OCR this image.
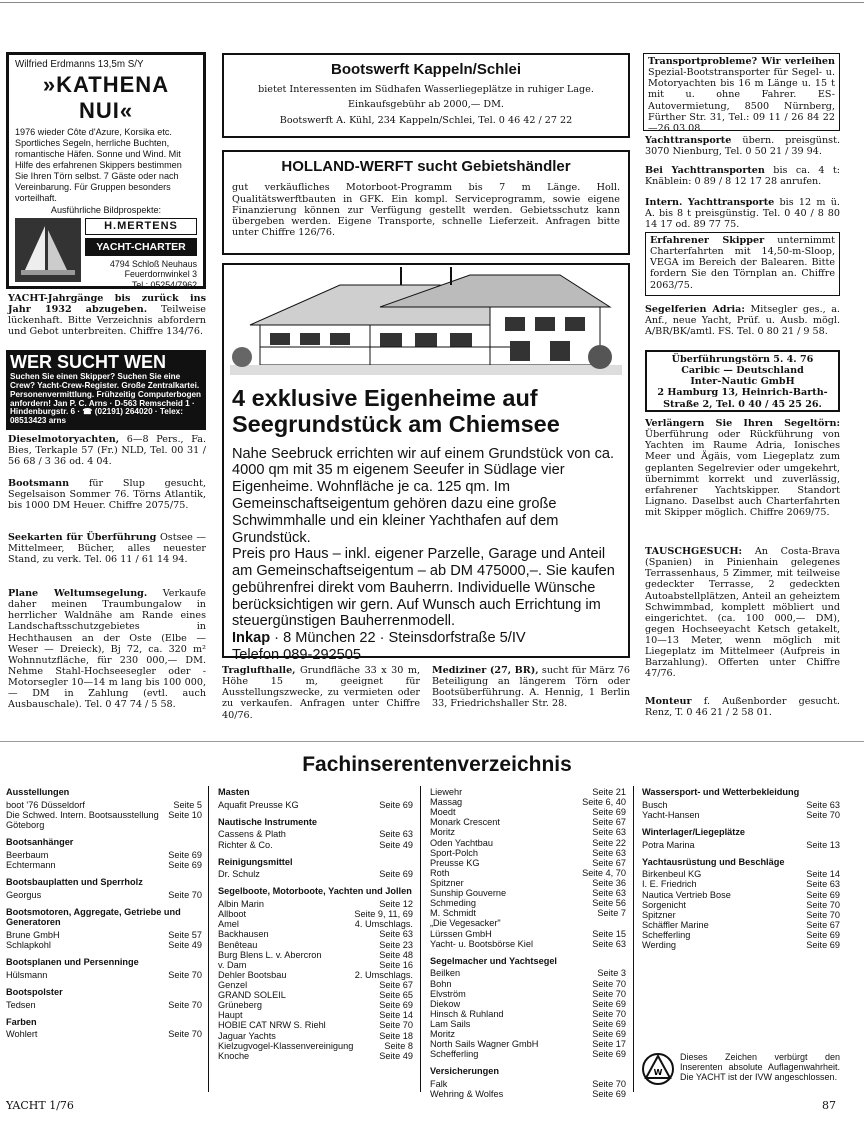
Wilfried Erdmanns 13,5m S/Y
»KATHENA NUI«
1976 wieder Côte d'Azure, Korsika etc. Sportliches Segeln, herrliche Buchten, romantische Häfen. Sonne und Wind. Mit Hilfe des erfahrenen Skippers bestimmen Sie Ihren Törn selbst. 7 Gäste oder nach Vereinbarung. Für Gruppen besonders vorteilhaft.
Ausführliche Bildprospekte:
H.MERTENS
YACHT-CHARTER
4794 Schloß Neuhaus
Feuerdornwinkel 3
Tel.: 05254/7962
YACHT-Jahrgänge bis zurück ins Jahr 1932 abzugeben. Teilweise lückenhaft. Bitte Verzeichnis abfordern und Gebot unterbreiten. Chiffre 134/76.
WER SUCHT WEN
Suchen Sie einen Skipper? Suchen Sie eine Crew? Yacht-Crew-Register. Große Zentralkartei. Personenvermittlung. Frühzeitig Computerbogen anfordern! Jan P. C. Arns · D-563 Remscheid 1 · Hindenburgstr. 6 · ☎ (02191) 264020 · Telex: 08513423 arns
Dieselmotoryachten, 6—8 Pers., Fa. Bies, Terkaple 57 (Fr.) NLD, Tel. 00 31 / 56 68 / 3 36 od. 4 04.
Bootsmann für Slup gesucht, Segelsaison Sommer 76. Törns Atlantik, bis 1000 DM Heuer. Chiffre 2075/75.
Seekarten für Überführung Ostsee — Mittelmeer, Bücher, alles neuester Stand, zu verk. Tel. 06 11 / 61 14 94.
Plane Weltumsegelung. Verkaufe daher meinen Traumbungalow in herrlicher Waldnähe am Rande eines Landschaftsschutzgebietes in Hechthausen an der Oste (Elbe — Weser — Dreieck), Bj 72, ca. 320 m² Wohnnutzfläche, für 230 000,— DM. Nehme Stahl-Hochseesegler oder -Motorsegler 10—14 m lang bis 100 000,— DM in Zahlung (evtl. auch Ausbauschale). Tel. 0 47 74 / 5 58.
Bootswerft Kappeln/Schlei
bietet Interessenten im Südhafen Wasserliegeplätze in ruhiger Lage.
Einkaufsgebühr ab 2000,— DM.
Bootswerft A. Kühl, 234 Kappeln/Schlei, Tel. 0 46 42 / 27 22
HOLLAND-WERFT sucht Gebietshändler
gut verkäufliches Motorboot-Programm bis 7 m Länge. Holl. Qualitätswerftbauten in GFK. Ein kompl. Serviceprogramm, sowie eigene Finanzierung können zur Verfügung gestellt werden. Gebietsschutz kann übergeben werden. Eigene Transporte, schnelle Lieferzeit. Anfragen bitte unter Chiffre 126/76.
4 exklusive Eigenheime auf Seegrundstück am Chiemsee
Nahe Seebruck errichten wir auf einem Grundstück von ca. 4000 qm mit 35 m eigenem Seeufer in Südlage vier Eigenheime. Wohnfläche je ca. 125 qm. Im Gemeinschaftseigentum gehören dazu eine große Schwimmhalle und ein kleiner Yachthafen auf dem Grundstück.
Preis pro Haus – inkl. eigener Parzelle, Garage und Anteil am Gemeinschaftseigentum – ab DM 475000,–. Sie kaufen gebührenfrei direkt vom Bauherrn. Individuelle Wünsche berücksichtigen wir gern. Auf Wunsch auch Errichtung im steuergünstigen Bauherrenmodell.
Inkap · 8 München 22 · Steinsdorfstraße 5/IV
Telefon 089-292505
Traglufthalle, Grundfläche 33 x 30 m, Höhe 15 m, geeignet für Ausstellungszwecke, zu vermieten oder zu verkaufen. Anfragen unter Chiffre 40/76.
Mediziner (27, BR), sucht für März 76 Beteiligung an längerem Törn oder Bootsüberführung. A. Hennig, 1 Berlin 33, Friedrichshaller Str. 28.
Transportprobleme? Wir verleihen Spezial-Bootstransporter für Segel- u. Motoryachten bis 16 m Länge u. 15 t mit u. ohne Fahrer. ES-Autovermietung, 8500 Nürnberg, Fürther Str. 31, Tel.: 09 11 / 26 84 22—26 03 08.
Yachttransporte übern. preisgünst. 3070 Nienburg, Tel. 0 50 21 / 39 94.
Bei Yachttransporten bis ca. 4 t: Knäblein: 0 89 / 8 12 17 28 anrufen.
Intern. Yachttransporte bis 12 m ü. A. bis 8 t preisgünstig. Tel. 0 40 / 8 80 14 17 od. 89 77 75.
Erfahrener Skipper unternimmt Charterfahrten mit 14,50-m-Sloop, VEGA im Bereich der Balearen. Bitte fordern Sie den Törnplan an. Chiffre 2063/75.
Segelferien Adria: Mitsegler ges., a. Anf., neue Yacht, Prüf. u. Ausb. mögl. A/BR/BK/amtl. FS. Tel. 0 80 21 / 9 58.
Überführungstörn 5. 4. 76
Caribic — Deutschland
Inter-Nautic GmbH
2 Hamburg 13, Heinrich-Barth-Straße 2, Tel. 0 40 / 45 25 26.
Verlängern Sie Ihren Segeltörn: Überführung oder Rückführung von Yachten im Raume Adria, Ionisches Meer und Ägäis, vom Liegeplatz zum geplanten Segelrevier oder umgekehrt, übernimmt korrekt und zuverlässig, erfahrener Yachtskipper. Standort Lignano. Daselbst auch Charterfahrten mit Skipper möglich. Chiffre 2069/75.
TAUSCHGESUCH: An Costa-Brava (Spanien) in Pinienhain gelegenes Terrassenhaus, 5 Zimmer, mit teilweise gedeckter Terrasse, 2 gedeckten Autoabstellplätzen, Anteil an geheiztem Schwimmbad, komplett möbliert und eingerichtet. (ca. 100 000,— DM), gegen Hochseeyacht Ketsch getakelt, 10—13 Meter, wenn möglich mit Liegeplatz im Mittelmeer (Aufpreis in Barzahlung). Offerten unter Chiffre 47/76.
Monteur f. Außenborder gesucht. Renz, T. 0 46 21 / 2 58 01.
Fachinserentenverzeichnis
Ausstellungen
boot '76 Düsseldorf	Seite 5
Die Schwed. Intern. Bootsausstellung Göteborg
Seite 10
Bootsanhänger
Beerbaum	Seite 69
Echtermann	Seite 69
Bootsbauplatten und Sperrholz
Georgus	Seite 70
Bootsmotoren, Aggregate, Getriebe und Generatoren
Brune GmbH	Seite 57
Schlapkohl	Seite 49
Bootsplanen und Persenninge
Hülsmann	Seite 70
Bootspolster
Tedsen	Seite 70
Farben
Wohlert	Seite 70
Masten
Aquafit Preusse KG	Seite 69
Nautische Instrumente
Cassens & Plath	Seite 63
Richter & Co.	Seite 49
Reinigungsmittel
Dr. Schulz	Seite 69
Segelboote, Motorboote, Yachten und Jollen
Albin Marin	Seite 12
Allboot	Seite 9, 11, 69
Amel	4. Umschlags.
Backhausen	Seite 63
Benêteau	Seite 23
Burg Blens L. v. Abercron	Seite 48
v. Dam	Seite 16
Dehler Bootsbau	2. Umschlags.
Genzel	Seite 67
GRAND SOLEIL	Seite 65
Grüneberg	Seite 69
Haupt	Seite 14
HOBIE CAT NRW S. Riehl	Seite 70
Jaguar Yachts	Seite 18
Kielzugvogel-Klassenvereinigung	Seite 8
Knoche	Seite 49
Liewehr	Seite 21
Massag	Seite 6, 40
Moedt	Seite 69
Monark Crescent	Seite 67
Moritz	Seite 63
Oden Yachtbau	Seite 22
Sport-Polch	Seite 63
Preusse KG	Seite 67
Roth	Seite 4, 70
Spitzner	Seite 36
Sunship Gouverne	Seite 63
Schmeding	Seite 56
M. Schmidt	Seite 7
„Die Vegesacker"
Lürssen GmbH	Seite 15
Yacht- u. Bootsbörse Kiel	Seite 63
Segelmacher und Yachtsegel
Beilken	Seite 3
Bohn	Seite 70
Elvström	Seite 70
Diekow	Seite 69
Hinsch & Ruhland	Seite 70
Lam Sails	Seite 69
Moritz	Seite 69
North Sails Wagner GmbH	Seite 17
Schefferling	Seite 69
Versicherungen
Falk	Seite 70
Wehring & Wolfes	Seite 69
Wassersport- und Wetterbekleidung
Busch	Seite 63
Yacht-Hansen	Seite 70
Winterlager/Liegeplätze
Potra Marina	Seite 13
Yachtausrüstung und Beschläge
Birkenbeul KG	Seite 14
I. E. Friedrich	Seite 63
Nautica Vertrieb Bose	Seite 69
Sorgenicht	Seite 70
Spitzner	Seite 70
Schäffler Marine	Seite 67
Schefferling	Seite 69
Werding	Seite 69
W
Dieses Zeichen verbürgt den Inserenten absolute Auflagenwahrheit. Die YACHT ist der IVW angeschlossen.
YACHT 1/76	87
